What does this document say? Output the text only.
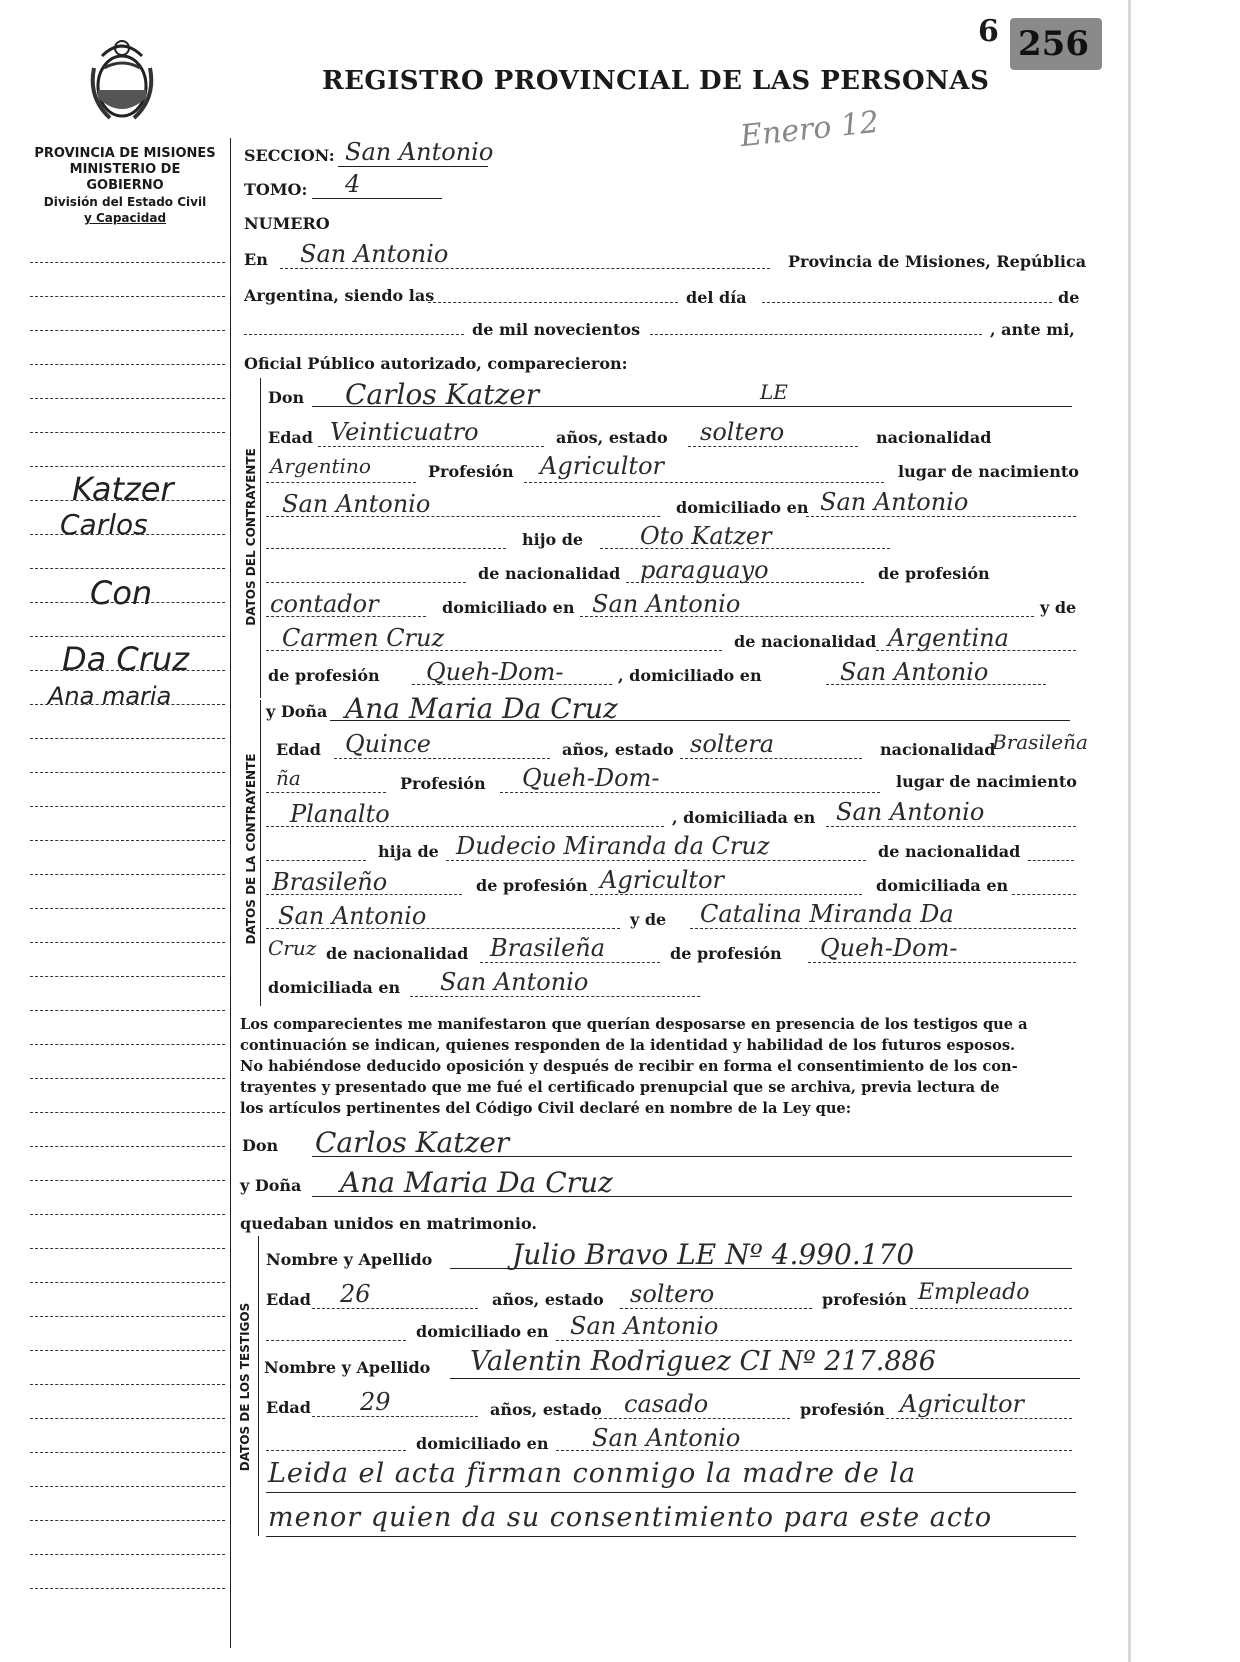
6 256
REGISTRO PROVINCIAL DE LAS PERSONAS
Enero 12
PROVINCIA DE MISIONES
MINISTERIO DE GOBIERNO
División del Estado Civil
y Capacidad
Katzer
Carlos
Con
Da Cruz
Ana maria
SECCION: San Antonio
TOMO: 4
NUMERO
En San Antonio	Provincia de Misiones, República
Argentina, siendo las	del día	de
de mil novecientos	, ante mi,
Oficial Público autorizado, comparecieron:
DATOS DEL CONTRAYENTE
Don Carlos Katzer	LE
Edad Veinticuatro	años, estado soltero	nacionalidad
Argentino	Profesión Agricultor	lugar de nacimiento
San Antonio	domiciliado en San Antonio
hijo de Oto Katzer
de nacionalidad paraguayo	de profesión
contador	domiciliado en San Antonio	y de
Carmen Cruz	de nacionalidad Argentina
de profesión Queh-Dom-	, domiciliado en	San Antonio
DATOS DE LA CONTRAYENTE
y Doña Ana Maria Da Cruz
Edad Quince	años, estado soltera	nacionalidad
Brasileña
ña	Profesión Queh-Dom-	lugar de nacimiento
Planalto	, domiciliada en San Antonio
hija de Dudecio Miranda da Cruz	de nacionalidad
Brasileño	de profesión Agricultor	domiciliada en
San Antonio	y de Catalina Miranda Da
Cruz de nacionalidad Brasileña	de profesión Queh-Dom-
domiciliada en San Antonio
Los comparecientes me manifestaron que querían desposarse en presencia de los testigos que a
continuación se indican, quienes responden de la identidad y habilidad de los futuros esposos.
No habiéndose deducido oposición y después de recibir en forma el consentimiento de los con-
trayentes y presentado que me fué el certificado prenupcial que se archiva, previa lectura de
los artículos pertinentes del Código Civil declaré en nombre de la Ley que:
Don Carlos Katzer
y Doña Ana Maria Da Cruz
quedaban unidos en matrimonio.
DATOS DE LOS TESTIGOS
Nombre y Apellido	Julio Bravo LE Nº 4.990.170
Edad 26	años, estado soltero	profesión Empleado
domiciliado en San Antonio
Nombre y Apellido Valentin Rodriguez CI Nº 217.886
Edad 29	años, estado casado	profesión Agricultor
domiciliado en San Antonio
Leida el acta firman conmigo la madre de la
menor quien da su consentimiento para este acto
